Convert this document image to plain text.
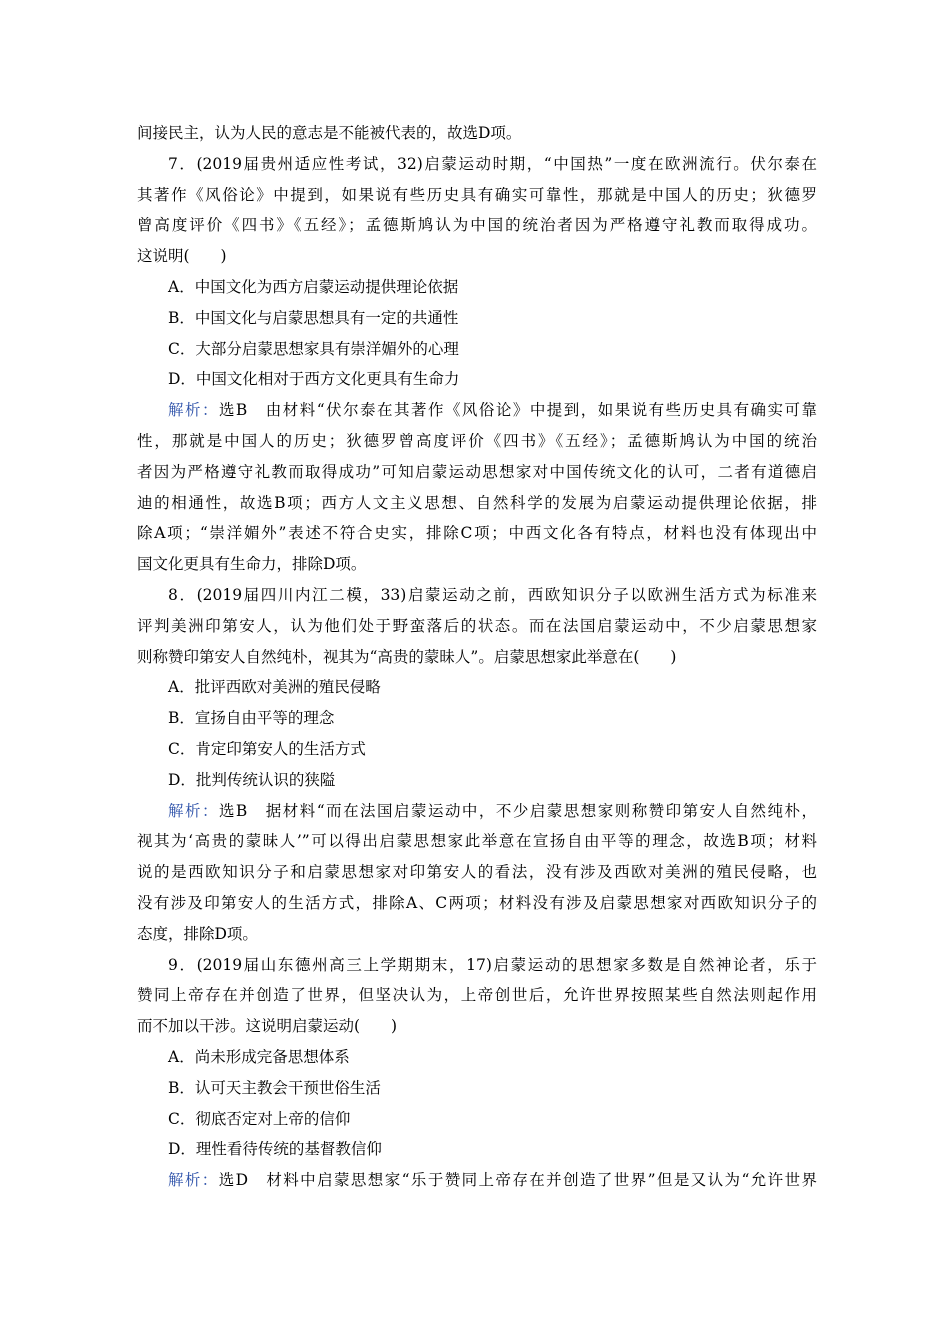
间接民主，认为人民的意志是不能被代表的，故选D项。
7．(2019届贵州适应性考试，32)启蒙运动时期，“中国热”一度在欧洲流行。伏尔泰在
其著作《风俗论》中提到，如果说有些历史具有确实可靠性，那就是中国人的历史；狄德罗
曾高度评价《四书》《五经》；孟德斯鸠认为中国的统治者因为严格遵守礼教而取得成功。
这说明(　　)
A．中国文化为西方启蒙运动提供理论依据
B．中国文化与启蒙思想具有一定的共通性
C．大部分启蒙思想家具有崇洋媚外的心理
D．中国文化相对于西方文化更具有生命力
解析：选B　由材料“伏尔泰在其著作《风俗论》中提到，如果说有些历史具有确实可靠
性，那就是中国人的历史；狄德罗曾高度评价《四书》《五经》；孟德斯鸠认为中国的统治
者因为严格遵守礼教而取得成功”可知启蒙运动思想家对中国传统文化的认可，二者有道德启
迪的相通性，故选B项；西方人文主义思想、自然科学的发展为启蒙运动提供理论依据，排
除A项；“崇洋媚外”表述不符合史实，排除C项；中西文化各有特点，材料也没有体现出中
国文化更具有生命力，排除D项。
8．(2019届四川内江二模，33)启蒙运动之前，西欧知识分子以欧洲生活方式为标准来
评判美洲印第安人，认为他们处于野蛮落后的状态。而在法国启蒙运动中，不少启蒙思想家
则称赞印第安人自然纯朴，视其为“高贵的蒙昧人”。启蒙思想家此举意在(　　)
A．批评西欧对美洲的殖民侵略
B．宣扬自由平等的理念
C．肯定印第安人的生活方式
D．批判传统认识的狭隘
解析：选B　据材料“而在法国启蒙运动中，不少启蒙思想家则称赞印第安人自然纯朴，
视其为‘高贵的蒙昧人’”可以得出启蒙思想家此举意在宣扬自由平等的理念，故选B项；材料
说的是西欧知识分子和启蒙思想家对印第安人的看法，没有涉及西欧对美洲的殖民侵略，也
没有涉及印第安人的生活方式，排除A、C两项；材料没有涉及启蒙思想家对西欧知识分子的
态度，排除D项。
9．(2019届山东德州高三上学期期末，17)启蒙运动的思想家多数是自然神论者，乐于
赞同上帝存在并创造了世界，但坚决认为，上帝创世后，允许世界按照某些自然法则起作用
而不加以干涉。这说明启蒙运动(　　)
A．尚未形成完备思想体系
B．认可天主教会干预世俗生活
C．彻底否定对上帝的信仰
D．理性看待传统的基督教信仰
解析：选D　材料中启蒙思想家“乐于赞同上帝存在并创造了世界”但是又认为“允许世界
